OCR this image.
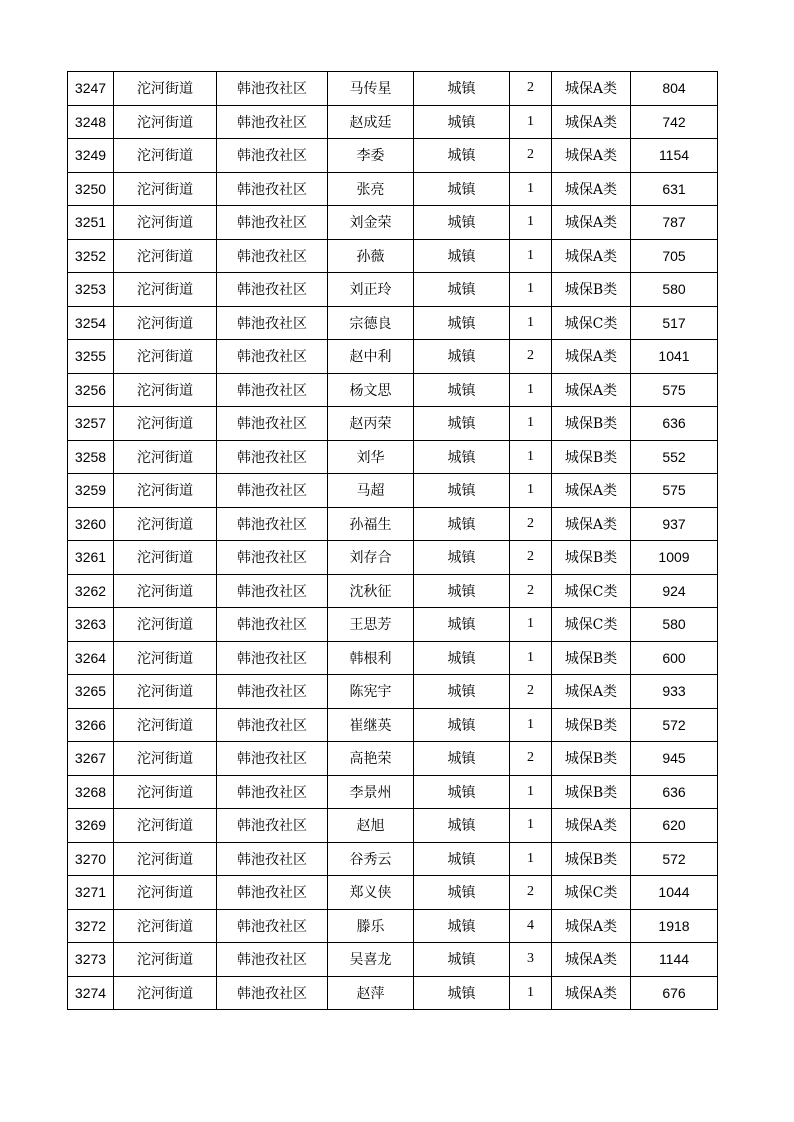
3247	沱河街道	韩池孜社区	马传星	城镇	2	城保A类	804
3248	沱河街道	韩池孜社区	赵成廷	城镇	1	城保A类	742
3249	沱河街道	韩池孜社区	李委	城镇	2	城保A类	1154
3250	沱河街道	韩池孜社区	张亮	城镇	1	城保A类	631
3251	沱河街道	韩池孜社区	刘金荣	城镇	1	城保A类	787
3252	沱河街道	韩池孜社区	孙薇	城镇	1	城保A类	705
3253	沱河街道	韩池孜社区	刘正玲	城镇	1	城保B类	580
3254	沱河街道	韩池孜社区	宗德良	城镇	1	城保C类	517
3255	沱河街道	韩池孜社区	赵中利	城镇	2	城保A类	1041
3256	沱河街道	韩池孜社区	杨文思	城镇	1	城保A类	575
3257	沱河街道	韩池孜社区	赵丙荣	城镇	1	城保B类	636
3258	沱河街道	韩池孜社区	刘华	城镇	1	城保B类	552
3259	沱河街道	韩池孜社区	马超	城镇	1	城保A类	575
3260	沱河街道	韩池孜社区	孙福生	城镇	2	城保A类	937
3261	沱河街道	韩池孜社区	刘存合	城镇	2	城保B类	1009
3262	沱河街道	韩池孜社区	沈秋征	城镇	2	城保C类	924
3263	沱河街道	韩池孜社区	王思芳	城镇	1	城保C类	580
3264	沱河街道	韩池孜社区	韩根利	城镇	1	城保B类	600
3265	沱河街道	韩池孜社区	陈宪宇	城镇	2	城保A类	933
3266	沱河街道	韩池孜社区	崔继英	城镇	1	城保B类	572
3267	沱河街道	韩池孜社区	高艳荣	城镇	2	城保B类	945
3268	沱河街道	韩池孜社区	李景州	城镇	1	城保B类	636
3269	沱河街道	韩池孜社区	赵旭	城镇	1	城保A类	620
3270	沱河街道	韩池孜社区	谷秀云	城镇	1	城保B类	572
3271	沱河街道	韩池孜社区	郑义侠	城镇	2	城保C类	1044
3272	沱河街道	韩池孜社区	滕乐	城镇	4	城保A类	1918
3273	沱河街道	韩池孜社区	吴喜龙	城镇	3	城保A类	1144
3274	沱河街道	韩池孜社区	赵萍	城镇	1	城保A类	676
